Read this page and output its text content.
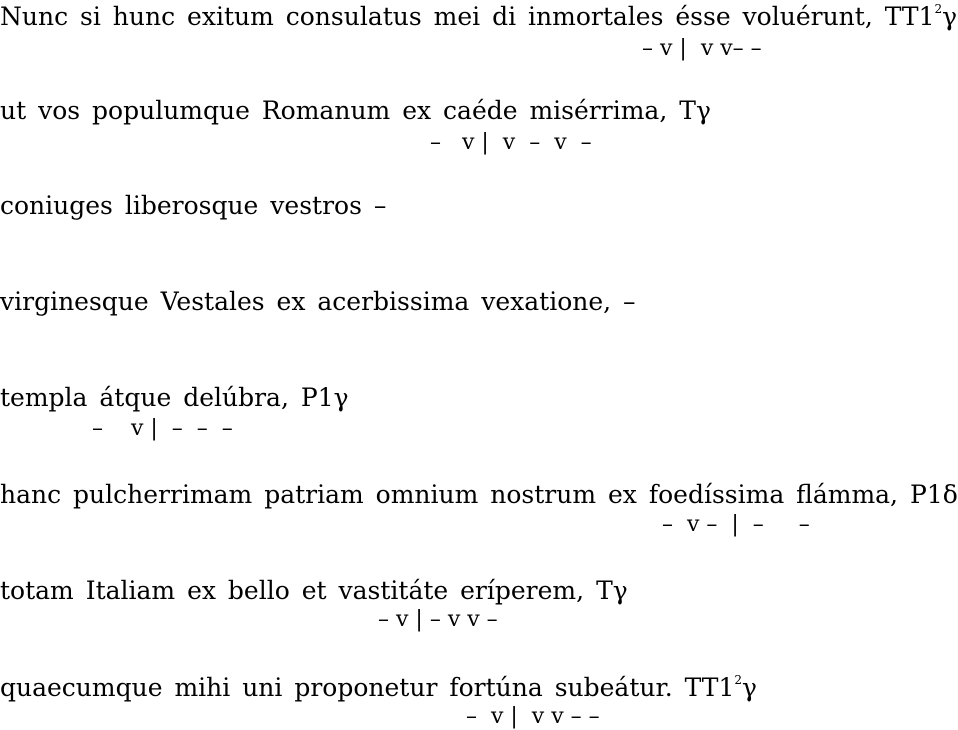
Nunc si hunc exitum consulatus mei di inmortales ésse voluérunt, $TT1^2\gamma$
– v |  v v– –
ut vos populumque Romanum ex caéde misérrima, Tγ
–   v |  v  –  v  –
coniuges liberosque vestros –
virginesque Vestales ex acerbissima vexatione, –
templa átque delúbra, P1γ
–    v |  –  –  –
hanc pulcherrimam patriam omnium nostrum ex foedíssima flámma, P1δ
–  v –  |  –     –
totam Italiam ex bello et vastitáte eríperem, Tγ
– v | – v v –
quaecumque mihi uni proponetur fortúna subeátur. $TT1^2\gamma$
–  v |  v v – –
